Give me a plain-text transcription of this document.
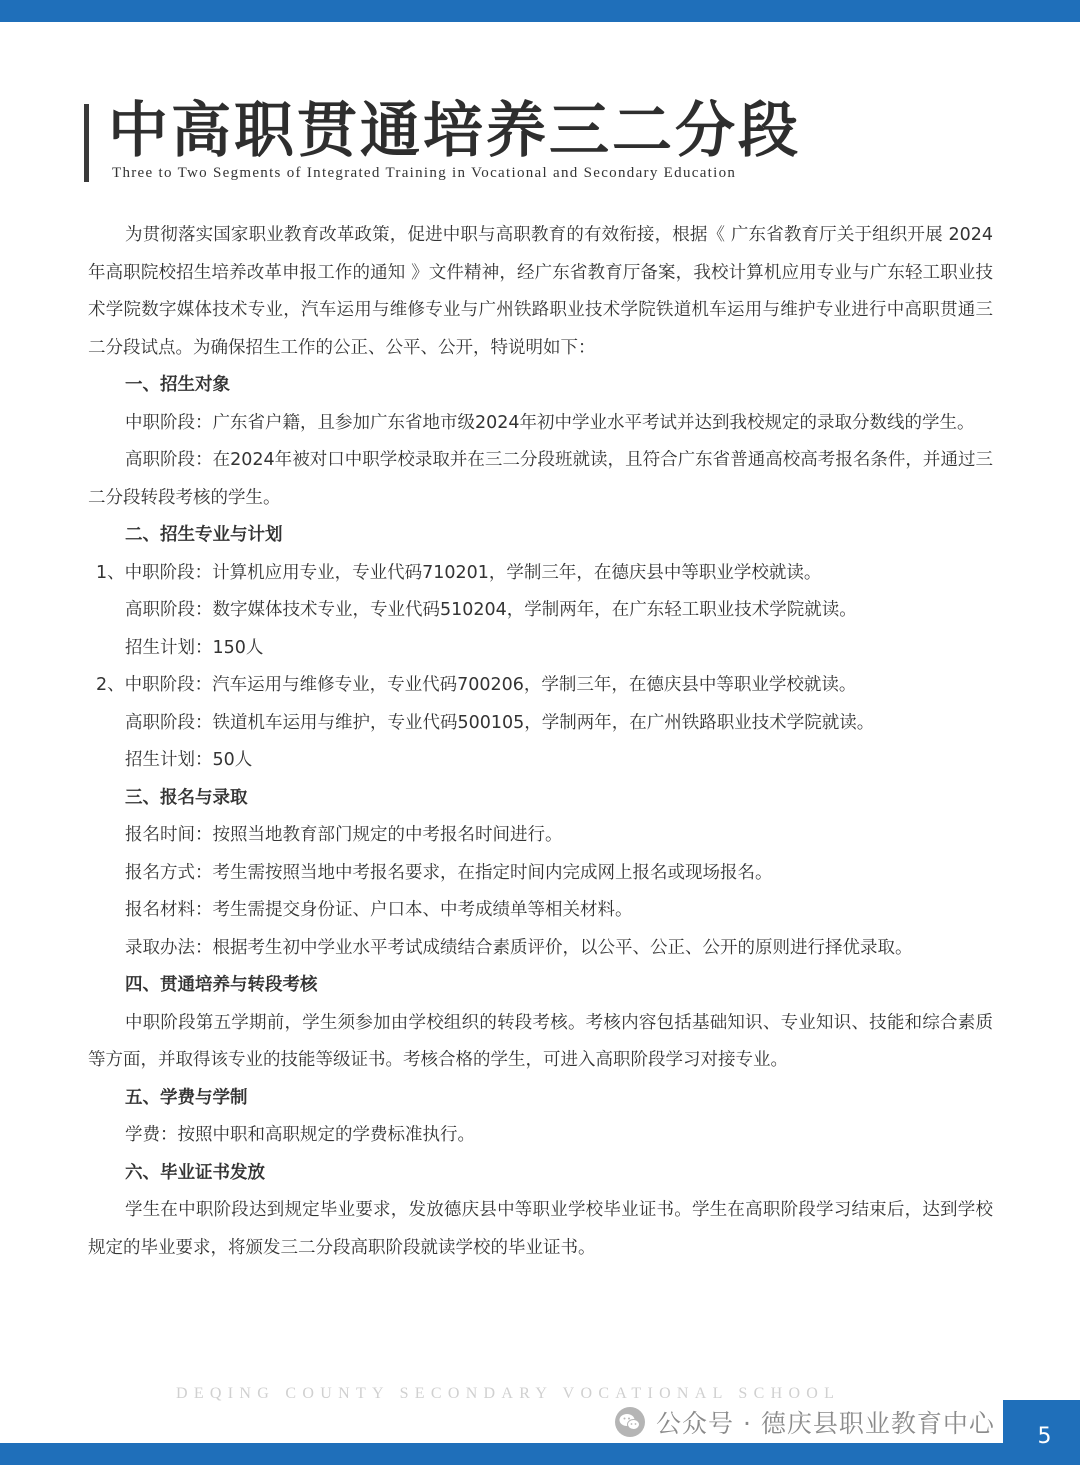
中高职贯通培养三二分段

Three to Two Segments of Integrated Training in Vocational and Secondary Education

为贯彻落实国家职业教育改革政策，促进中职与高职教育的有效衔接，根据《 广东省教育厅关于组织开展 2024 年高职院校招生培养改革申报工作的通知 》文件精神，经广东省教育厅备案，我校计算机应用专业与广东轻工职业技术学院数字媒体技术专业，汽车运用与维修专业与广州铁路职业技术学院铁道机车运用与维护专业进行中高职贯通三二分段试点。为确保招生工作的公正、公平、公开，特说明如下：

一、招生对象

中职阶段：广东省户籍，且参加广东省地市级2024年初中学业水平考试并达到我校规定的录取分数线的学生。

高职阶段：在2024年被对口中职学校录取并在三二分段班就读，且符合广东省普通高校高考报名条件，并通过三二分段转段考核的学生。

二、招生专业与计划

1、中职阶段：计算机应用专业，专业代码710201，学制三年，在德庆县中等职业学校就读。

高职阶段：数字媒体技术专业，专业代码510204，学制两年，在广东轻工职业技术学院就读。

招生计划：150人

2、中职阶段：汽车运用与维修专业，专业代码700206，学制三年，在德庆县中等职业学校就读。

高职阶段：铁道机车运用与维护，专业代码500105，学制两年，在广州铁路职业技术学院就读。

招生计划：50人

三、报名与录取

报名时间：按照当地教育部门规定的中考报名时间进行。

报名方式：考生需按照当地中考报名要求，在指定时间内完成网上报名或现场报名。

报名材料：考生需提交身份证、户口本、中考成绩单等相关材料。

录取办法：根据考生初中学业水平考试成绩结合素质评价，以公平、公正、公开的原则进行择优录取。

四、贯通培养与转段考核

中职阶段第五学期前，学生须参加由学校组织的转段考核。考核内容包括基础知识、专业知识、技能和综合素质等方面，并取得该专业的技能等级证书。考核合格的学生，可进入高职阶段学习对接专业。

五、学费与学制

学费：按照中职和高职规定的学费标准执行。

六、毕业证书发放

学生在中职阶段达到规定毕业要求，发放德庆县中等职业学校毕业证书。学生在高职阶段学习结束后，达到学校规定的毕业要求，将颁发三二分段高职阶段就读学校的毕业证书。

DEQING COUNTY SECONDARY VOCATIONAL SCHOOL

公众号 · 德庆县职业教育中心 5
